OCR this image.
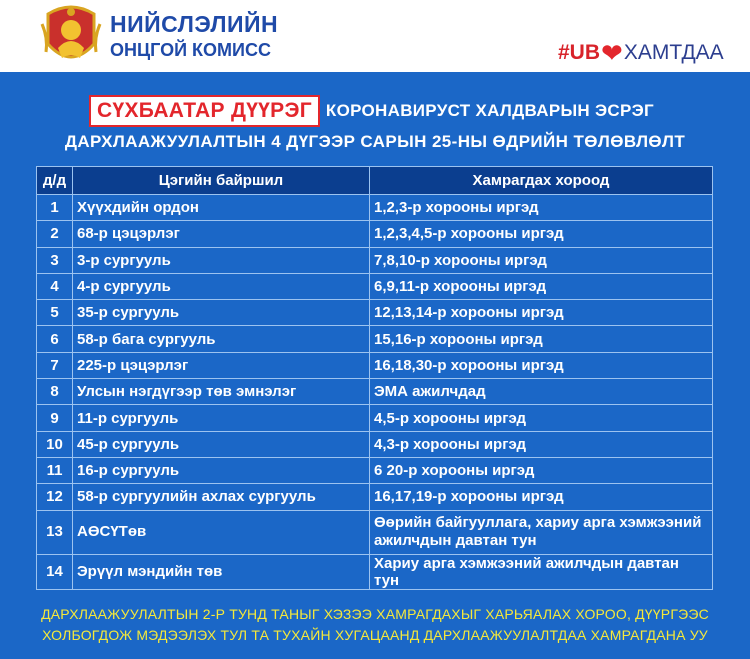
НИЙСЛЭЛИЙН
ОНЦГОЙ КОМИСС	#UB ❤ ХАМТДАА
СҮХБААТАР ДҮҮРЭГ КОРОНАВИРУСТ ХАЛДВАРЫН ЭСРЭГ
ДАРХЛААЖУУЛАЛТЫН 4 ДҮГЭЭР САРЫН 25-НЫ ӨДРИЙН ТӨЛӨВЛӨЛТ
д/д	Цэгийн байршил	Хамрагдах хороод
1	Хүүхдийн ордон	1,2,3-р хорооны иргэд
2	68-р цэцэрлэг	1,2,3,4,5-р хорооны иргэд
3	3-р сургууль	7,8,10-р хорооны иргэд
4	4-р сургууль	6,9,11-р хорооны иргэд
5	35-р сургууль	12,13,14-р хорооны иргэд
6	58-р бага сургууль	15,16-р хорооны иргэд
7	225-р цэцэрлэг	16,18,30-р хорооны иргэд
8	Улсын нэгдүгээр төв эмнэлэг	ЭМА ажилчдад
9	11-р сургууль	4,5-р хорооны иргэд
10	45-р сургууль	4,3-р хорооны иргэд
11	16-р сургууль	6 20-р хорооны иргэд
12	58-р сургуулийн ахлах сургууль	16,17,19-р хорооны иргэд
13	АӨСҮТөв	Өөрийн байгууллага, хариу арга хэмжээний ажилчдын давтан тун
14	Эрүүл мэндийн төв	Хариу арга хэмжээний ажилчдын давтан тун
ДАРХЛААЖУУЛАЛТЫН 2-Р ТУНД ТАНЫГ ХЭЗЭЭ ХАМРАГДАХЫГ ХАРЬЯАЛАХ ХОРОО, ДҮҮРГЭЭС
ХОЛБОГДОЖ МЭДЭЭЛЭХ ТУЛ ТА ТУХАЙН ХУГАЦААНД ДАРХЛААЖУУЛАЛТДАА ХАМРАГДАНА УУ
